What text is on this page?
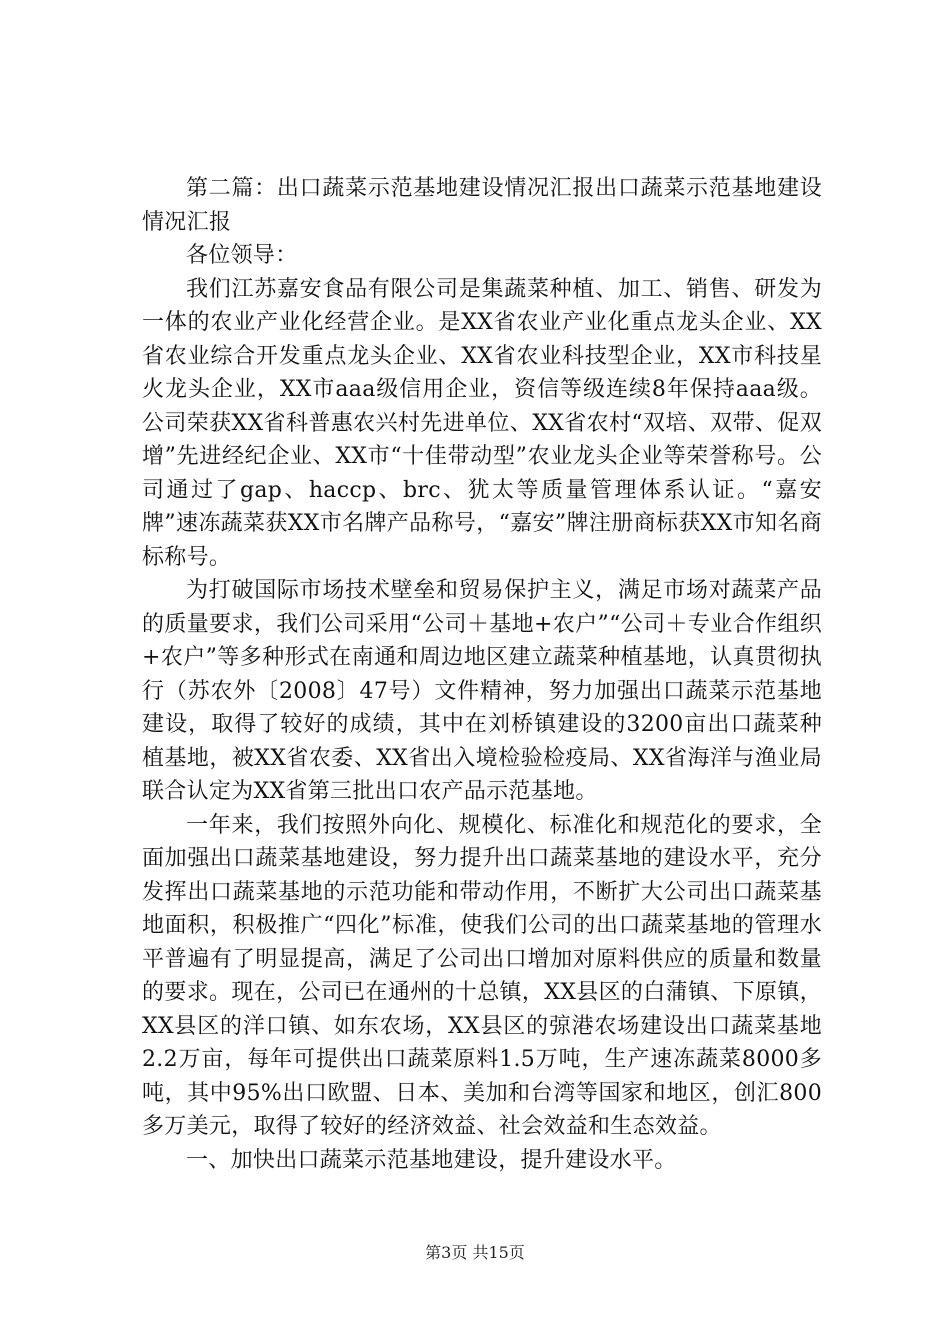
第二篇：出口蔬菜示范基地建设情况汇报出口蔬菜示范基地建设情况汇报

各位领导：

我们江苏嘉安食品有限公司是集蔬菜种植、加工、销售、研发为一体的农业产业化经营企业。是XX省农业产业化重点龙头企业、XX省农业综合开发重点龙头企业、XX省农业科技型企业，XX市科技星火龙头企业，XX市aaa级信用企业，资信等级连续8年保持aaa级。公司荣获XX省科普惠农兴村先进单位、XX省农村“双培、双带、促双增”先进经纪企业、XX市“十佳带动型”农业龙头企业等荣誉称号。公司通过了gap、haccp、brc、犹太等质量管理体系认证。“嘉安牌”速冻蔬菜获XX市名牌产品称号，“嘉安”牌注册商标获XX市知名商标称号。

为打破国际市场技术壁垒和贸易保护主义，满足市场对蔬菜产品的质量要求，我们公司采用“公司＋基地+农户”“公司＋专业合作组织+农户”等多种形式在南通和周边地区建立蔬菜种植基地，认真贯彻执行（苏农外〔2008〕47号）文件精神，努力加强出口蔬菜示范基地建设，取得了较好的成绩，其中在刘桥镇建设的3200亩出口蔬菜种植基地，被XX省农委、XX省出入境检验检疫局、XX省海洋与渔业局联合认定为XX省第三批出口农产品示范基地。

一年来，我们按照外向化、规模化、标准化和规范化的要求，全面加强出口蔬菜基地建设，努力提升出口蔬菜基地的建设水平，充分发挥出口蔬菜基地的示范功能和带动作用，不断扩大公司出口蔬菜基地面积，积极推广“四化”标准，使我们公司的出口蔬菜基地的管理水平普遍有了明显提高，满足了公司出口增加对原料供应的质量和数量的要求。现在，公司已在通州的十总镇，XX县区的白蒲镇、下原镇，XX县区的洋口镇、如东农场，XX县区的弶港农场建设出口蔬菜基地2.2万亩，每年可提供出口蔬菜原料1.5万吨，生产速冻蔬菜8000多吨，其中95%出口欧盟、日本、美加和台湾等国家和地区，创汇800多万美元，取得了较好的经济效益、社会效益和生态效益。

一、加快出口蔬菜示范基地建设，提升建设水平。

第3页 共15页
